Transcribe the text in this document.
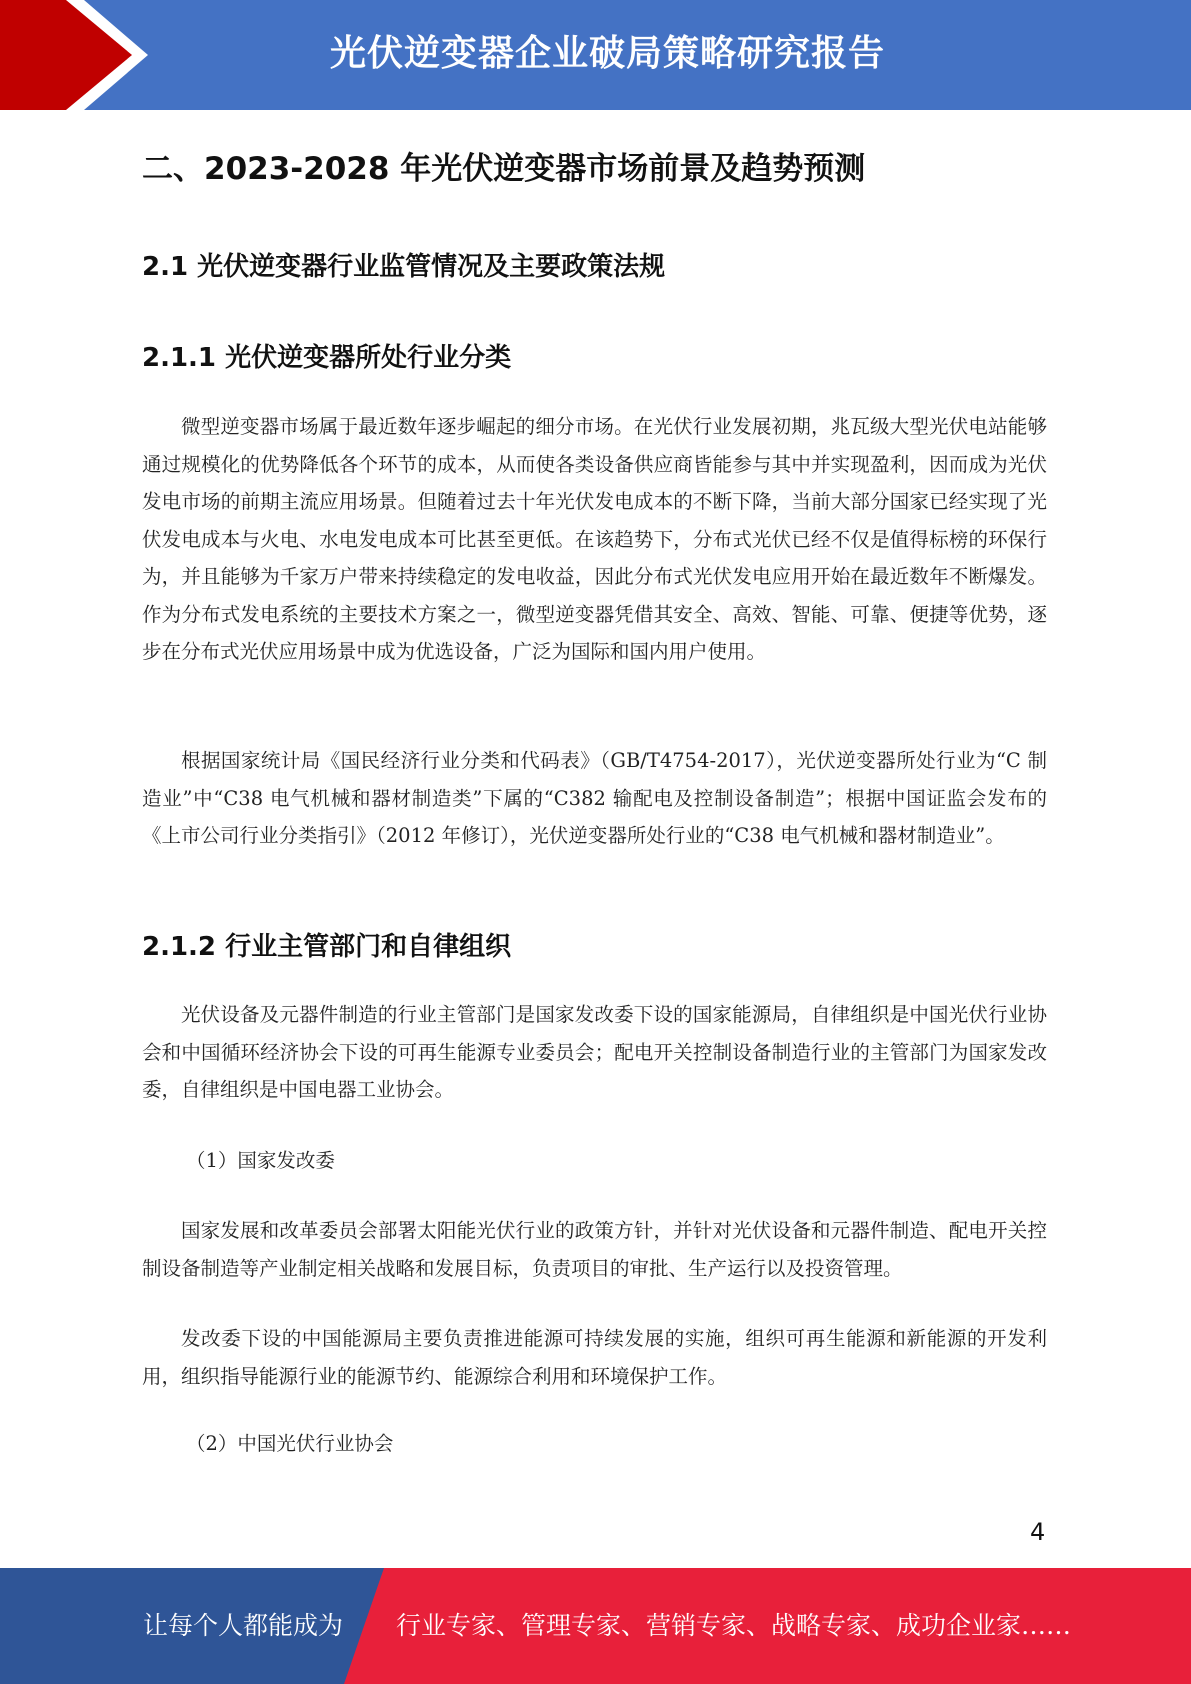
光伏逆变器企业破局策略研究报告
二、2023-2028 年光伏逆变器市场前景及趋势预测
2.1 光伏逆变器行业监管情况及主要政策法规
2.1.1 光伏逆变器所处行业分类

微型逆变器市场属于最近数年逐步崛起的细分市场。在光伏行业发展初期，兆瓦级大型光伏电站能够通过规模化的优势降低各个环节的成本，从而使各类设备供应商皆能参与其中并实现盈利，因而成为光伏发电市场的前期主流应用场景。但随着过去十年光伏发电成本的不断下降，当前大部分国家已经实现了光伏发电成本与火电、水电发电成本可比甚至更低。在该趋势下，分布式光伏已经不仅是值得标榜的环保行为，并且能够为千家万户带来持续稳定的发电收益，因此分布式光伏发电应用开始在最近数年不断爆发。作为分布式发电系统的主要技术方案之一，微型逆变器凭借其安全、高效、智能、可靠、便捷等优势，逐步在分布式光伏应用场景中成为优选设备，广泛为国际和国内用户使用。

根据国家统计局《国民经济行业分类和代码表》（GB/T4754-2017），光伏逆变器所处行业为“C 制造业”中“C38 电气机械和器材制造类”下属的“C382 输配电及控制设备制造”；根据中国证监会发布的《上市公司行业分类指引》（2012 年修订），光伏逆变器所处行业的“C38 电气机械和器材制造业”。

2.1.2 行业主管部门和自律组织

光伏设备及元器件制造的行业主管部门是国家发改委下设的国家能源局，自律组织是中国光伏行业协会和中国循环经济协会下设的可再生能源专业委员会；配电开关控制设备制造行业的主管部门为国家发改委，自律组织是中国电器工业协会。

（1）国家发改委

国家发展和改革委员会部署太阳能光伏行业的政策方针，并针对光伏设备和元器件制造、配电开关控制设备制造等产业制定相关战略和发展目标，负责项目的审批、生产运行以及投资管理。

发改委下设的中国能源局主要负责推进能源可持续发展的实施，组织可再生能源和新能源的开发利用，组织指导能源行业的能源节约、能源综合利用和环境保护工作。

（2）中国光伏行业协会

4
让每个人都能成为 行业专家、管理专家、营销专家、战略专家、成功企业家……
